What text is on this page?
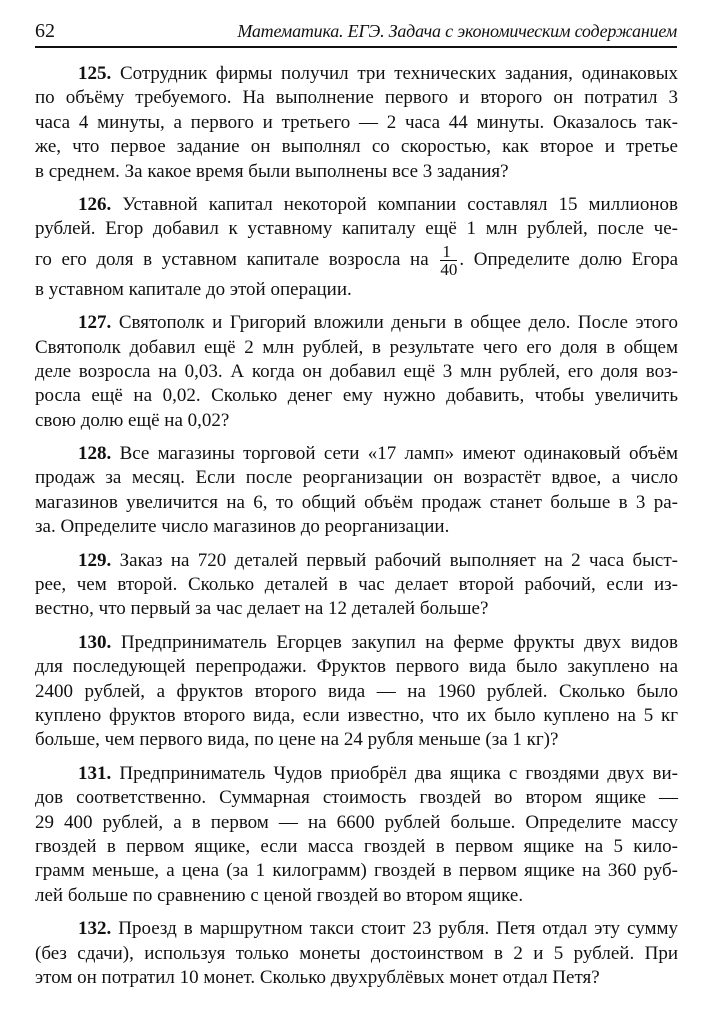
62	Математика. ЕГЭ. Задача с экономическим содержанием
125. Сотрудник фирмы получил три технических задания, одинаковых
по объёму требуемого. На выполнение первого и второго он потратил 3
часа 4 минуты, а первого и третьего — 2 часа 44 минуты. Оказалось так-
же, что первое задание он выполнял со скоростью, как второе и третье
в среднем. За какое время были выполнены все 3 задания?
126. Уставной капитал некоторой компании составлял 15 миллионов
рублей. Егор добавил к уставному капиталу ещё 1 млн рублей, после че-
го его доля в уставном капитале возросла на $\frac{1}{40}$ . Определите долю Егора
в уставном капитале до этой операции.
127. Святополк и Григорий вложили деньги в общее дело. После этого
Святополк добавил ещё 2 млн рублей, в результате чего его доля в общем
деле возросла на 0,03. А когда он добавил ещё 3 млн рублей, его доля воз-
росла ещё на 0,02. Сколько денег ему нужно добавить, чтобы увеличить
свою долю ещё на 0,02?
128. Все магазины торговой сети «17 ламп» имеют одинаковый объём
продаж за месяц. Если после реорганизации он возрастёт вдвое, а число
магазинов увеличится на 6, то общий объём продаж станет больше в 3 ра-
за. Определите число магазинов до реорганизации.
129. Заказ на 720 деталей первый рабочий выполняет на 2 часа быст-
рее, чем второй. Сколько деталей в час делает второй рабочий, если из-
вестно, что первый за час делает на 12 деталей больше?
130. Предприниматель Егорцев закупил на ферме фрукты двух видов
для последующей перепродажи. Фруктов первого вида было закуплено на
2400 рублей, а фруктов второго вида — на 1960 рублей. Сколько было
куплено фруктов второго вида, если известно, что их было куплено на 5 кг
больше, чем первого вида, по цене на 24 рубля меньше (за 1 кг)?
131. Предприниматель Чудов приобрёл два ящика с гвоздями двух ви-
дов соответственно. Суммарная стоимость гвоздей во втором ящике —
29 400 рублей, а в первом — на 6600 рублей больше. Определите массу
гвоздей в первом ящике, если масса гвоздей в первом ящике на 5 кило-
грамм меньше, а цена (за 1 килограмм) гвоздей в первом ящике на 360 руб-
лей больше по сравнению с ценой гвоздей во втором ящике.
132. Проезд в маршрутном такси стоит 23 рубля. Петя отдал эту сумму
(без сдачи), используя только монеты достоинством в 2 и 5 рублей. При
этом он потратил 10 монет. Сколько двухрублёвых монет отдал Петя?
